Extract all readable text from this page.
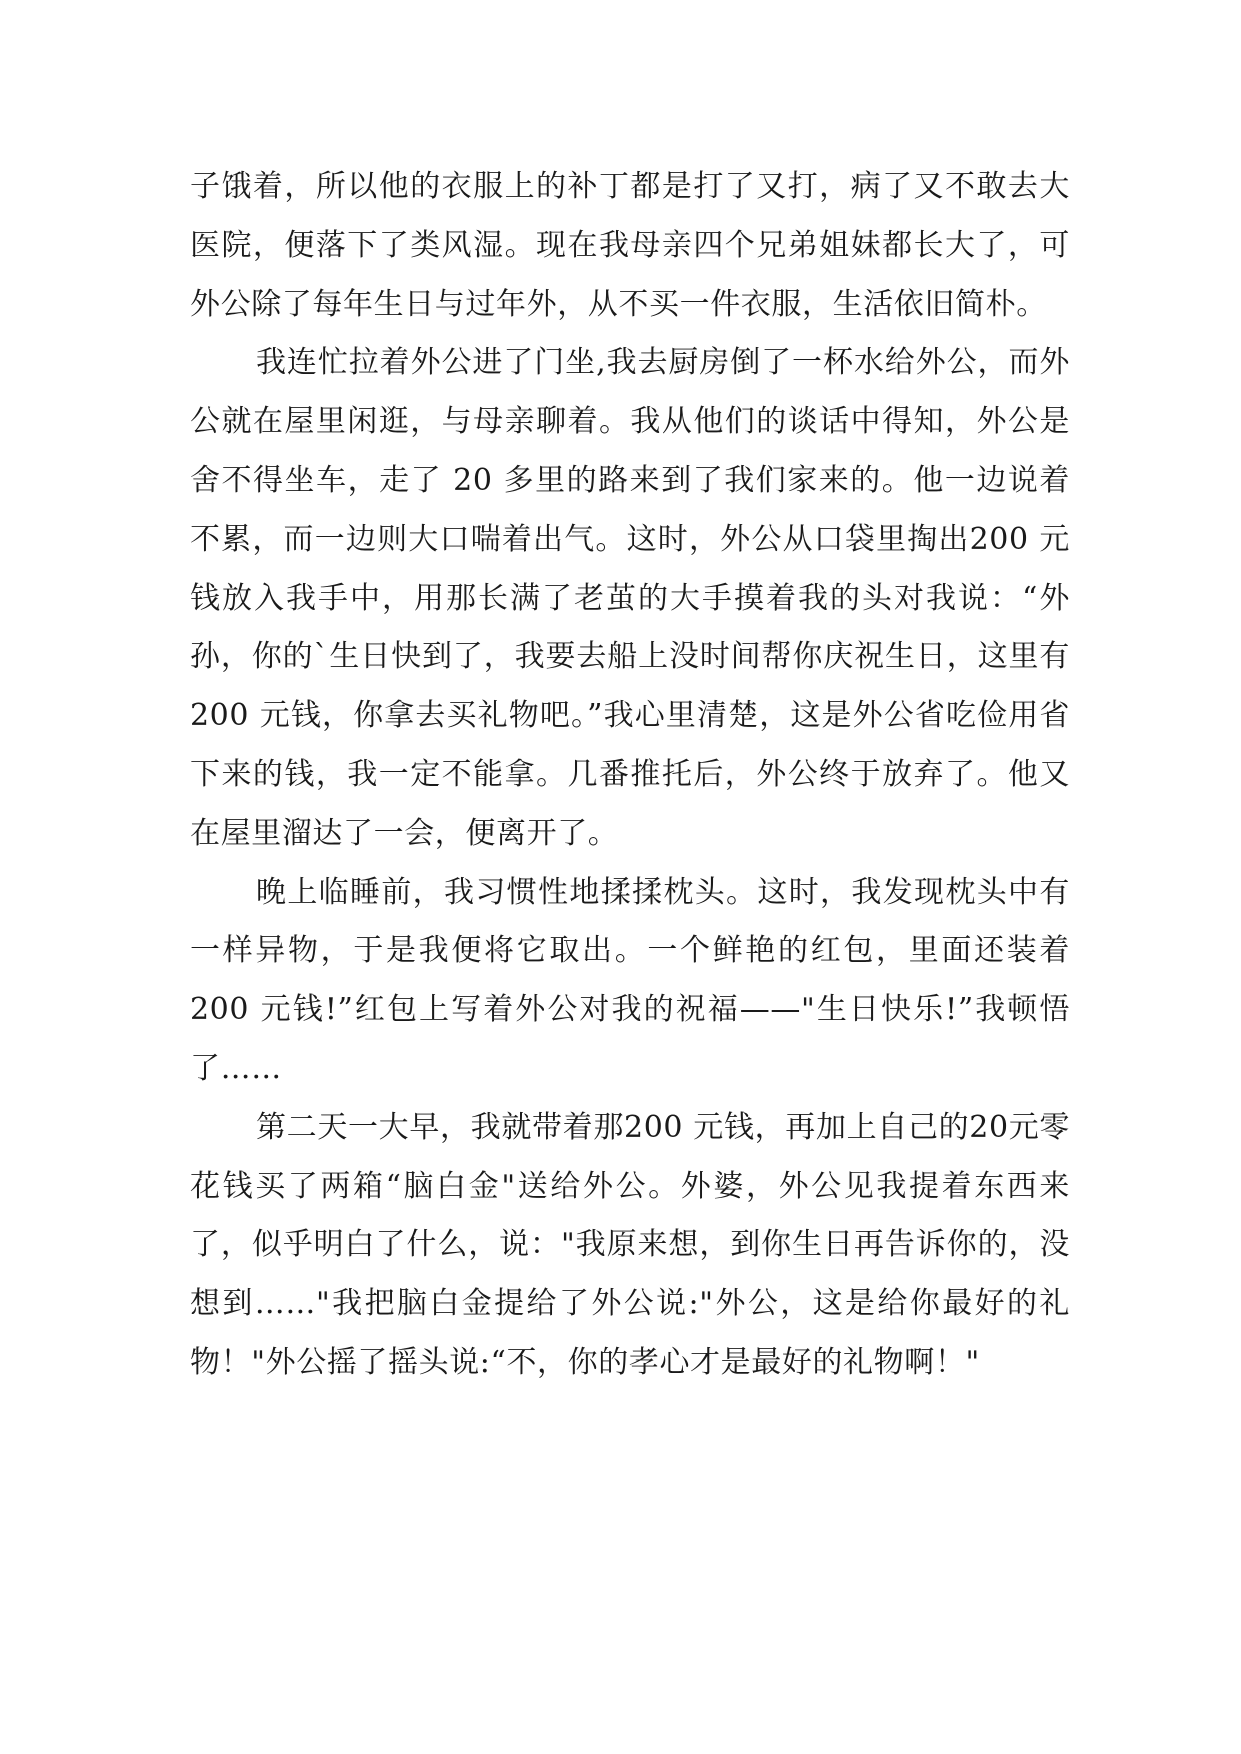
子饿着，所以他的衣服上的补丁都是打了又打，病了又不敢去大医院，便落下了类风湿。现在我母亲四个兄弟姐妹都长大了，可外公除了每年生日与过年外，从不买一件衣服，生活依旧简朴。

我连忙拉着外公进了门坐,我去厨房倒了一杯水给外公，而外公就在屋里闲逛，与母亲聊着。我从他们的谈话中得知，外公是舍不得坐车，走了 20 多里的路来到了我们家来的。他一边说着不累，而一边则大口喘着出气。这时，外公从口袋里掏出200 元钱放入我手中，用那长满了老茧的大手摸着我的头对我说：“外孙，你的`生日快到了，我要去船上没时间帮你庆祝生日，这里有 200 元钱，你拿去买礼物吧。”我心里清楚，这是外公省吃俭用省下来的钱，我一定不能拿。几番推托后，外公终于放弃了。他又在屋里溜达了一会，便离开了。

晚上临睡前，我习惯性地揉揉枕头。这时，我发现枕头中有一样异物，于是我便将它取出。一个鲜艳的红包，里面还装着 200 元钱!”红包上写着外公对我的祝福——"生日快乐!”我顿悟了……

第二天一大早，我就带着那200 元钱，再加上自己的20元零花钱买了两箱“脑白金"送给外公。外婆，外公见我提着东西来了，似乎明白了什么，说："我原来想，到你生日再告诉你的，没想到……"我把脑白金提给了外公说:"外公，这是给你最好的礼物！"外公摇了摇头说:“不，你的孝心才是最好的礼物啊！"
